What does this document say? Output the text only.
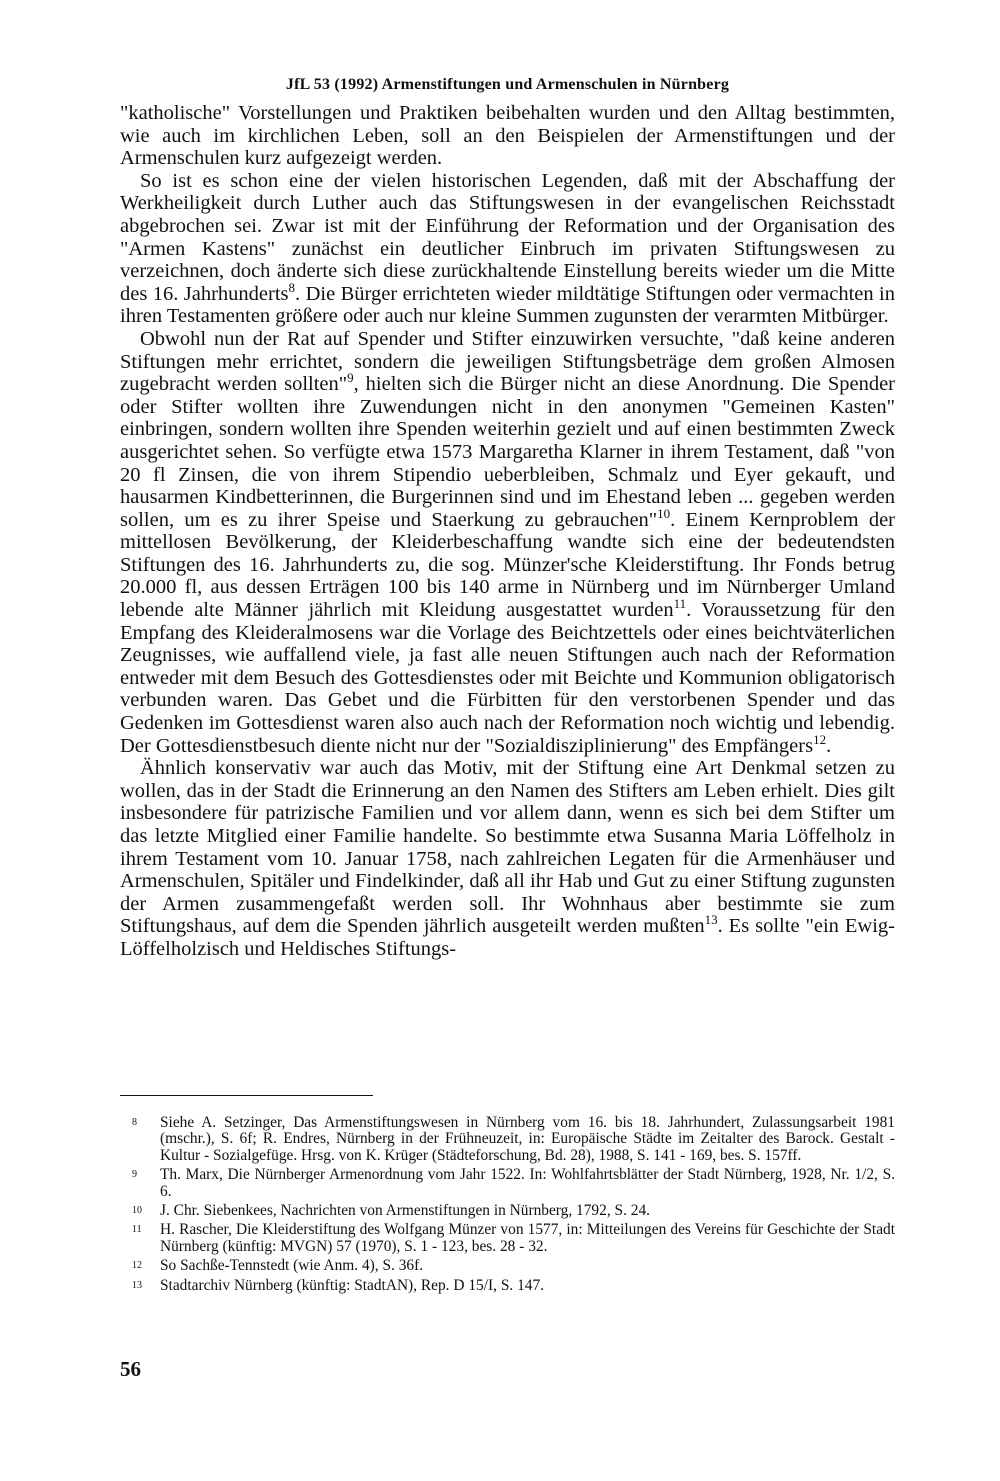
JfL 53 (1992) Armenstiftungen und Armenschulen in Nürnberg

"katholische" Vorstellungen und Praktiken beibehalten wurden und den Alltag bestimmten, wie auch im kirchlichen Leben, soll an den Beispielen der Armenstiftungen und der Armenschulen kurz aufgezeigt werden.

So ist es schon eine der vielen historischen Legenden, daß mit der Abschaffung der Werkheiligkeit durch Luther auch das Stiftungswesen in der evangelischen Reichsstadt abgebrochen sei. Zwar ist mit der Einführung der Reformation und der Organisation des "Armen Kastens" zunächst ein deutlicher Einbruch im privaten Stiftungswesen zu verzeichnen, doch änderte sich diese zurückhaltende Einstellung bereits wieder um die Mitte des 16. Jahrhunderts$^8$. Die Bürger errichteten wieder mildtätige Stiftungen oder vermachten in ihren Testamenten größere oder auch nur kleine Summen zugunsten der verarmten Mitbürger.

Obwohl nun der Rat auf Spender und Stifter einzuwirken versuchte, "daß keine anderen Stiftungen mehr errichtet, sondern die jeweiligen Stiftungsbeträge dem großen Almosen zugebracht werden sollten"$^9$, hielten sich die Bürger nicht an diese Anordnung. Die Spender oder Stifter wollten ihre Zuwendungen nicht in den anonymen "Gemeinen Kasten" einbringen, sondern wollten ihre Spenden weiterhin gezielt und auf einen bestimmten Zweck ausgerichtet sehen. So verfügte etwa 1573 Margaretha Klarner in ihrem Testament, daß "von 20 fl Zinsen, die von ihrem Stipendio ueberbleiben, Schmalz und Eyer gekauft, und hausarmen Kindbetterinnen, die Burgerinnen sind und im Ehestand leben ... gegeben werden sollen, um es zu ihrer Speise und Staerkung zu gebrauchen"$^{10}$. Einem Kernproblem der mittellosen Bevölkerung, der Kleiderbeschaffung wandte sich eine der bedeutendsten Stiftungen des 16. Jahrhunderts zu, die sog. Münzer'sche Kleiderstiftung. Ihr Fonds betrug 20.000 fl, aus dessen Erträgen 100 bis 140 arme in Nürnberg und im Nürnberger Umland lebende alte Männer jährlich mit Kleidung ausgestattet wurden$^{11}$. Voraussetzung für den Empfang des Kleideralmosens war die Vorlage des Beichtzettels oder eines beichtväterlichen Zeugnisses, wie auffallend viele, ja fast alle neuen Stiftungen auch nach der Reformation entweder mit dem Besuch des Gottesdienstes oder mit Beichte und Kommunion obligatorisch verbunden waren. Das Gebet und die Fürbitten für den verstorbenen Spender und das Gedenken im Gottesdienst waren also auch nach der Reformation noch wichtig und lebendig. Der Gottesdienstbesuch diente nicht nur der "Sozialdisziplinierung" des Empfängers$^{12}$.

Ähnlich konservativ war auch das Motiv, mit der Stiftung eine Art Denkmal setzen zu wollen, das in der Stadt die Erinnerung an den Namen des Stifters am Leben erhielt. Dies gilt insbesondere für patrizische Familien und vor allem dann, wenn es sich bei dem Stifter um das letzte Mitglied einer Familie handelte. So bestimmte etwa Susanna Maria Löffelholz in ihrem Testament vom 10. Januar 1758, nach zahlreichen Legaten für die Armenhäuser und Armenschulen, Spitäler und Findelkinder, daß all ihr Hab und Gut zu einer Stiftung zugunsten der Armen zusammengefaßt werden soll. Ihr Wohnhaus aber bestimmte sie zum Stiftungshaus, auf dem die Spenden jährlich ausgeteilt werden mußten$^{13}$. Es sollte "ein Ewig-Löffelholzisch und Heldisches Stiftungs-

8	Siehe A. Setzinger, Das Armenstiftungswesen in Nürnberg vom 16. bis 18. Jahrhundert, Zulassungsarbeit 1981 (mschr.), S. 6f; R. Endres, Nürnberg in der Frühneuzeit, in: Europäische Städte im Zeitalter des Barock. Gestalt - Kultur - Sozialgefüge. Hrsg. von K. Krüger (Städteforschung, Bd. 28), 1988, S. 141 - 169, bes. S. 157ff.
9	Th. Marx, Die Nürnberger Armenordnung vom Jahr 1522. In: Wohlfahrtsblätter der Stadt Nürnberg, 1928, Nr. 1/2, S. 6.
10	J. Chr. Siebenkees, Nachrichten von Armenstiftungen in Nürnberg, 1792, S. 24.
11	H. Rascher, Die Kleiderstiftung des Wolfgang Münzer von 1577, in: Mitteilungen des Vereins für Geschichte der Stadt Nürnberg (künftig: MVGN) 57 (1970), S. 1 - 123, bes. 28 - 32.
12	So Sachße-Tennstedt (wie Anm. 4), S. 36f.
13	Stadtarchiv Nürnberg (künftig: StadtAN), Rep. D 15/I, S. 147.
56
